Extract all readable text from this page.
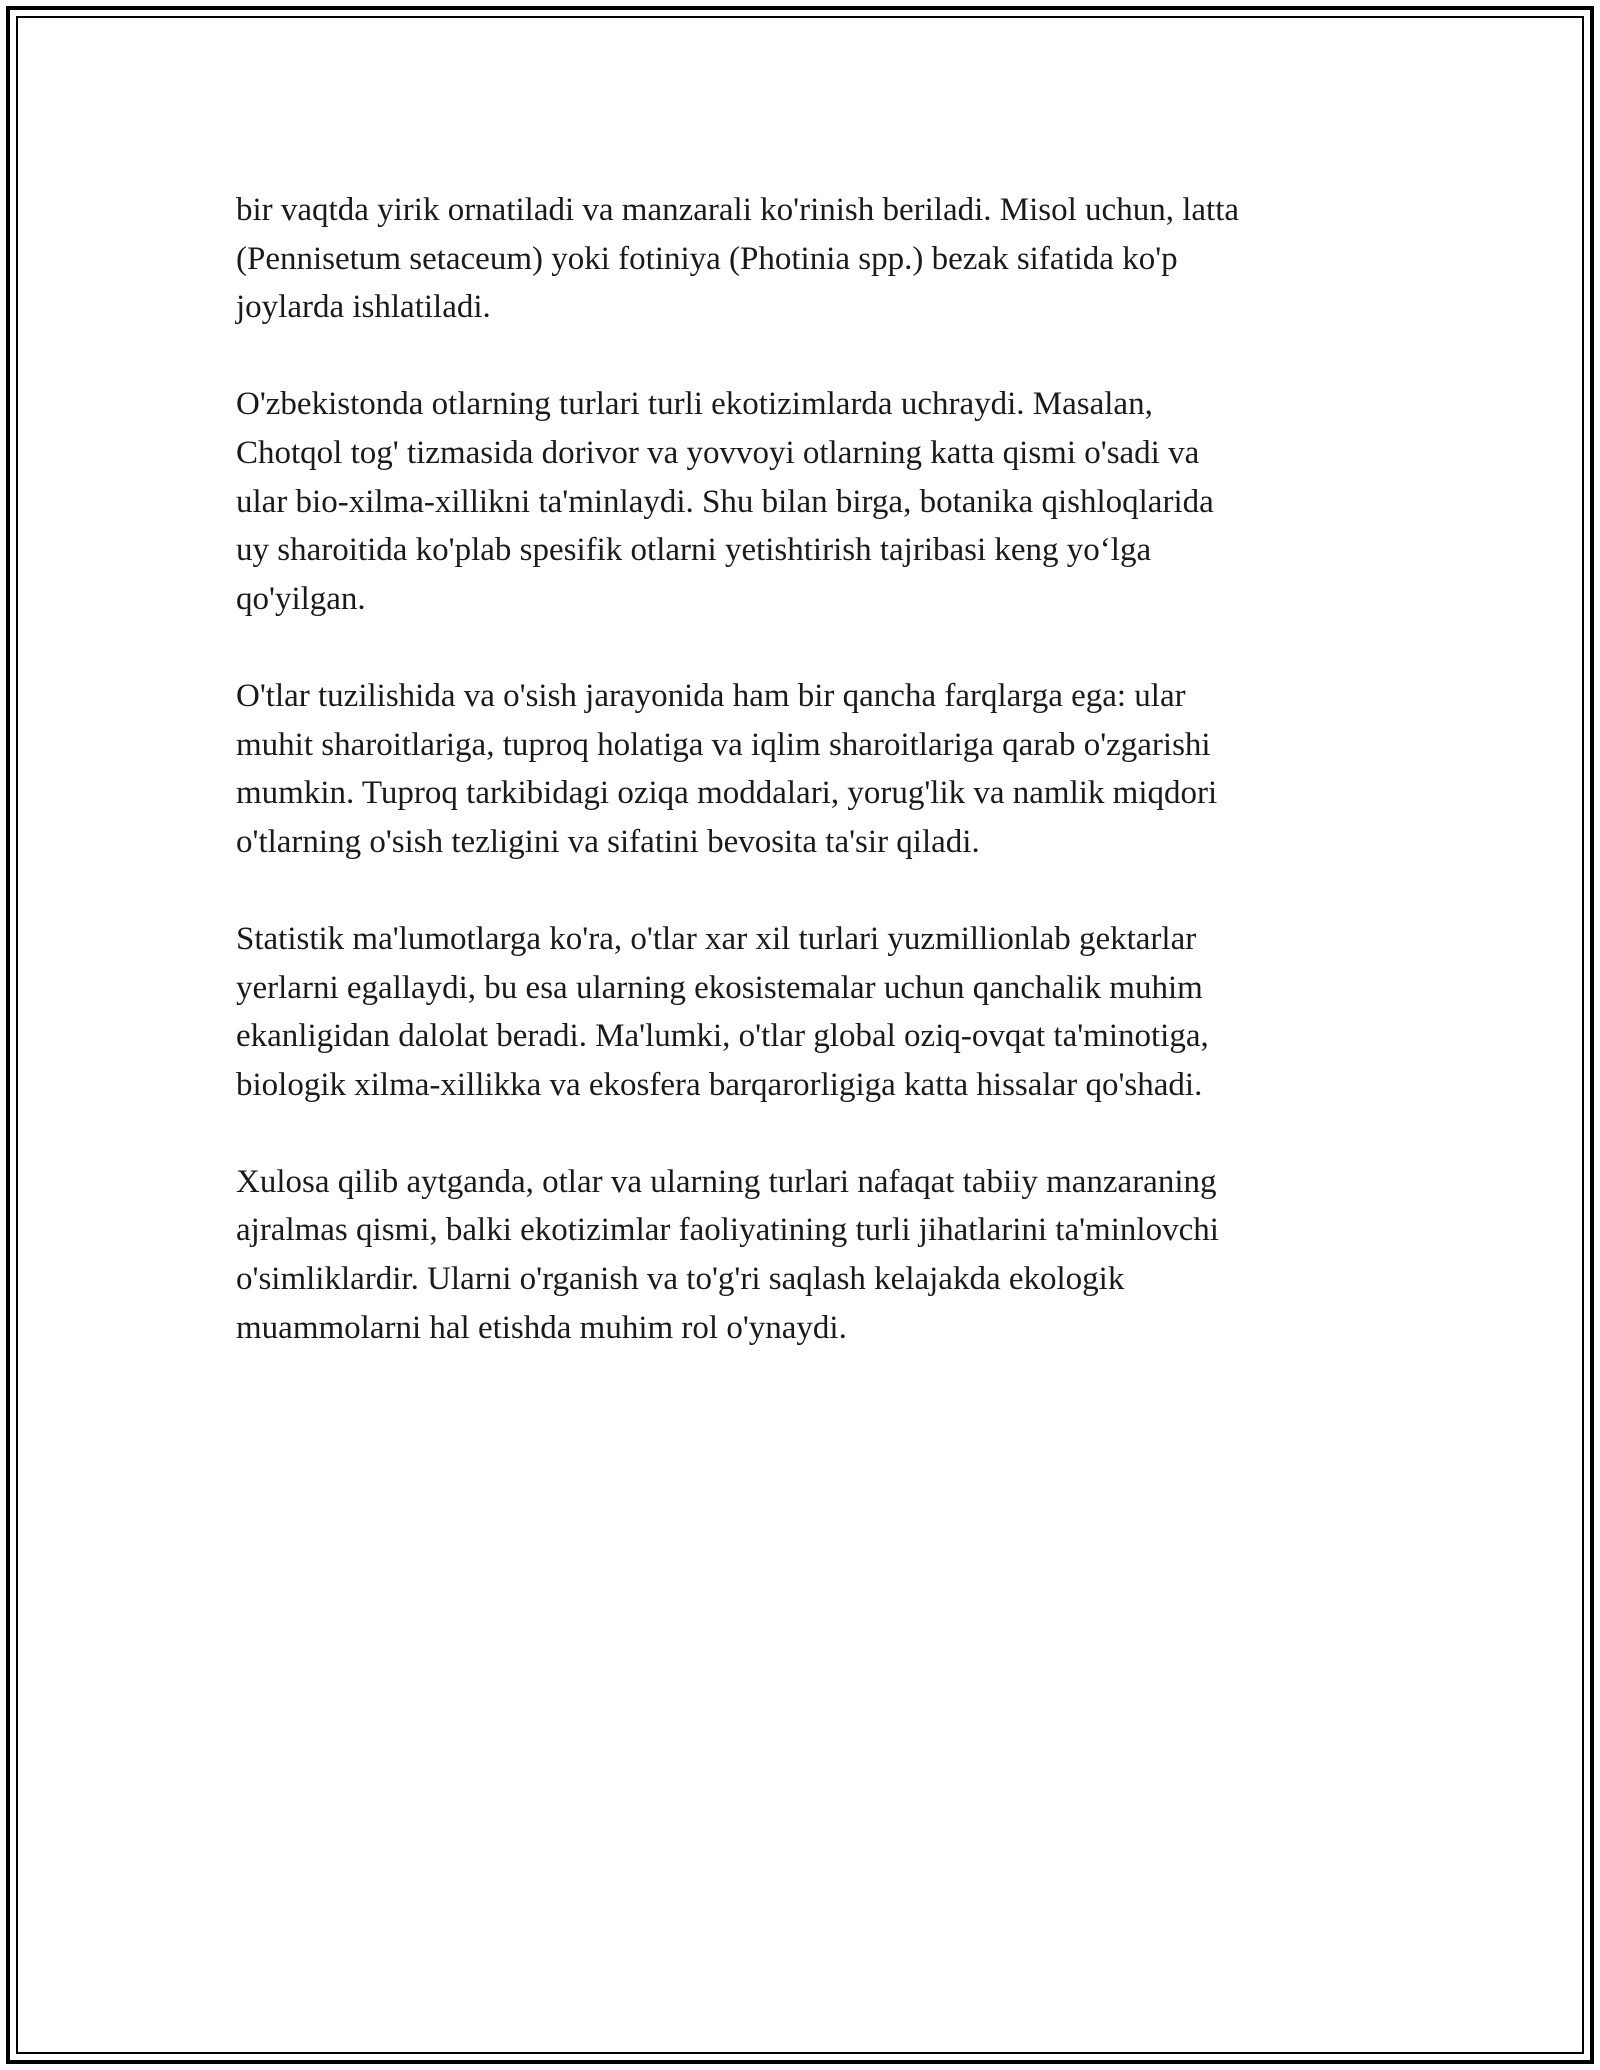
bir vaqtda yirik ornatiladi va manzarali ko'rinish beriladi. Misol uchun, latta
(Pennisetum setaceum) yoki fotiniya (Photinia spp.) bezak sifatida ko'p
joylarda ishlatiladi.

O'zbekistonda otlarning turlari turli ekotizimlarda uchraydi. Masalan,
Chotqol tog' tizmasida dorivor va yovvoyi otlarning katta qismi o'sadi va
ular bio-xilma-xillikni ta'minlaydi. Shu bilan birga, botanika qishloqlarida
uy sharoitida ko'plab spesifik otlarni yetishtirish tajribasi keng yo‘lga
qo'yilgan.

O'tlar tuzilishida va o'sish jarayonida ham bir qancha farqlarga ega: ular
muhit sharoitlariga, tuproq holatiga va iqlim sharoitlariga qarab o'zgarishi
mumkin. Tuproq tarkibidagi oziqa moddalari, yorug'lik va namlik miqdori
o'tlarning o'sish tezligini va sifatini bevosita ta'sir qiladi.

Statistik ma'lumotlarga ko'ra, o'tlar xar xil turlari yuzmillionlab gektarlar
yerlarni egallaydi, bu esa ularning ekosistemalar uchun qanchalik muhim
ekanligidan dalolat beradi. Ma'lumki, o'tlar global oziq-ovqat ta'minotiga,
biologik xilma-xillikka va ekosfera barqarorligiga katta hissalar qo'shadi.

Xulosa qilib aytganda, otlar va ularning turlari nafaqat tabiiy manzaraning
ajralmas qismi, balki ekotizimlar faoliyatining turli jihatlarini ta'minlovchi
o'simliklardir. Ularni o'rganish va to'g'ri saqlash kelajakda ekologik
muammolarni hal etishda muhim rol o'ynaydi.
